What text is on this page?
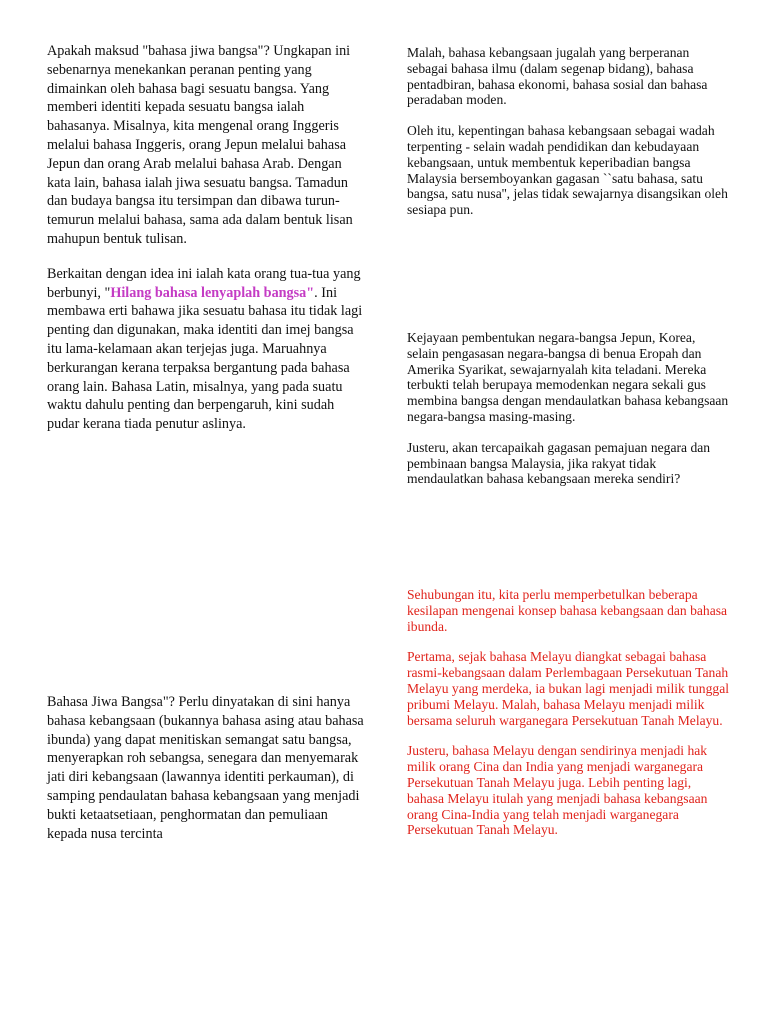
Apakah maksud "bahasa jiwa bangsa"? Ungkapan ini sebenarnya menekankan peranan penting yang dimainkan oleh bahasa bagi sesuatu bangsa. Yang memberi identiti kepada sesuatu bangsa ialah bahasanya. Misalnya, kita mengenal orang Inggeris melalui bahasa Inggeris, orang Jepun melalui bahasa Jepun dan orang Arab melalui bahasa Arab. Dengan kata lain, bahasa ialah jiwa sesuatu bangsa. Tamadun dan budaya bangsa itu tersimpan dan dibawa turun-temurun melalui bahasa, sama ada dalam bentuk lisan mahupun bentuk tulisan.

Berkaitan dengan idea ini ialah kata orang tua-tua yang berbunyi, "Hilang bahasa lenyaplah bangsa". Ini membawa erti bahawa jika sesuatu bahasa itu tidak lagi penting dan digunakan, maka identiti dan imej bangsa itu lama-kelamaan akan terjejas juga. Maruahnya berkurangan kerana terpaksa bergantung pada bahasa orang lain. Bahasa Latin, misalnya, yang pada suatu waktu dahulu penting dan berpengaruh, kini sudah pudar kerana tiada penutur aslinya.

Bahasa Jiwa Bangsa"? Perlu dinyatakan di sini hanya bahasa kebangsaan (bukannya bahasa asing atau bahasa ibunda) yang dapat menitiskan semangat satu bangsa, menyerapkan roh sebangsa, senegara dan menyemarak jati diri kebangsaan (lawannya identiti perkauman), di samping pendaulatan bahasa kebangsaan yang menjadi bukti ketaatsetiaan, penghormatan dan pemuliaan kepada nusa tercinta

Malah, bahasa kebangsaan jugalah yang berperanan sebagai bahasa ilmu (dalam segenap bidang), bahasa pentadbiran, bahasa ekonomi, bahasa sosial dan bahasa peradaban moden.

Oleh itu, kepentingan bahasa kebangsaan sebagai wadah terpenting - selain wadah pendidikan dan kebudayaan kebangsaan, untuk membentuk keperibadian bangsa Malaysia bersemboyankan gagasan ``satu bahasa, satu bangsa, satu nusa'', jelas tidak sewajarnya disangsikan oleh sesiapa pun.

Kejayaan pembentukan negara-bangsa Jepun, Korea, selain pengasasan negara-bangsa di benua Eropah dan Amerika Syarikat, sewajarnyalah kita teladani. Mereka terbukti telah berupaya memodenkan negara sekali gus membina bangsa dengan mendaulatkan bahasa kebangsaan negara-bangsa masing-masing.

Justeru, akan tercapaikah gagasan pemajuan negara dan pembinaan bangsa Malaysia, jika rakyat tidak mendaulatkan bahasa kebangsaan mereka sendiri?

Sehubungan itu, kita perlu memperbetulkan beberapa kesilapan mengenai konsep bahasa kebangsaan dan bahasa ibunda.

Pertama, sejak bahasa Melayu diangkat sebagai bahasa rasmi-kebangsaan dalam Perlembagaan Persekutuan Tanah Melayu yang merdeka, ia bukan lagi menjadi milik tunggal pribumi Melayu. Malah, bahasa Melayu menjadi milik bersama seluruh warganegara Persekutuan Tanah Melayu.

Justeru, bahasa Melayu dengan sendirinya menjadi hak milik orang Cina dan India yang menjadi warganegara Persekutuan Tanah Melayu juga. Lebih penting lagi, bahasa Melayu itulah yang menjadi bahasa kebangsaan orang Cina-India yang telah menjadi warganegara Persekutuan Tanah Melayu.
